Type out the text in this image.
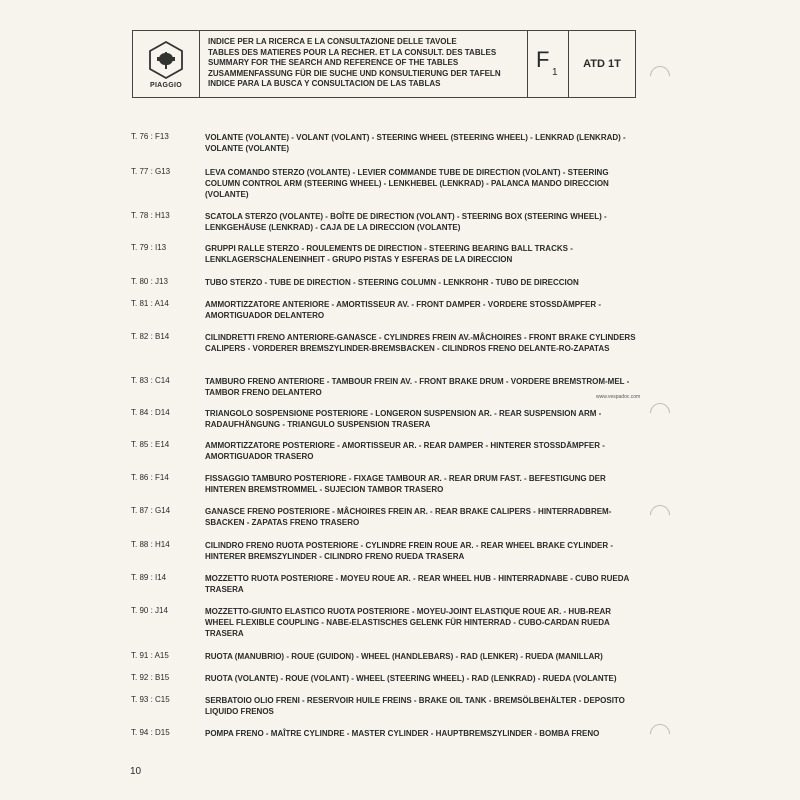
PIAGGIO
INDICE PER LA RICERCA E LA CONSULTAZIONE DELLE TAVOLE
TABLES DES MATIERES POUR LA RECHER. ET LA CONSULT. DES TABLES
SUMMARY FOR THE SEARCH AND REFERENCE OF THE TABLES
ZUSAMMENFASSUNG FÜR DIE SUCHE UND KONSULTIERUNG DER TAFELN
INDICE PARA LA BUSCA Y CONSULTACION DE LAS TABLAS
F
1
ATD 1T
T. 76 : F13	VOLANTE (VOLANTE) - VOLANT (VOLANT) - STEERING WHEEL (STEERING WHEEL) - LENKRAD (LENKRAD) - VOLANTE (VOLANTE)
T. 77 : G13	LEVA COMANDO STERZO (VOLANTE) - LEVIER COMMANDE TUBE DE DIRECTION (VOLANT) - STEERING COLUMN CONTROL ARM (STEERING WHEEL) - LENKHEBEL (LENKRAD) - PALANCA MANDO DIRECCION (VOLANTE)
T. 78 : H13	SCATOLA STERZO (VOLANTE) - BOÎTE DE DIRECTION (VOLANT) - STEERING BOX (STEERING WHEEL) - LENKGEHÄUSE (LENKRAD) - CAJA DE LA DIRECCION (VOLANTE)
T. 79 : I13	GRUPPI RALLE STERZO - ROULEMENTS DE DIRECTION - STEERING BEARING BALL TRACKS - LENKLAGERSCHALENEINHEIT - GRUPO PISTAS Y ESFERAS DE LA DIRECCION
T. 80 : J13	TUBO STERZO - TUBE DE DIRECTION - STEERING COLUMN - LENKROHR - TUBO DE DIRECCION
T. 81 : A14	AMMORTIZZATORE ANTERIORE - AMORTISSEUR AV. - FRONT DAMPER - VORDERE STOSSDÄMPFER - AMORTIGUADOR DELANTERO
T. 82 : B14	CILINDRETTI FRENO ANTERIORE-GANASCE - CYLINDRES FREIN AV.-MÂCHOIRES - FRONT BRAKE CYLINDERS CALIPERS - VORDERER BREMSZYLINDER-BREMSBACKEN - CILINDROS FRENO DELANTE-RO-ZAPATAS
T. 83 : C14	TAMBURO FRENO ANTERIORE - TAMBOUR FREIN AV. - FRONT BRAKE DRUM - VORDERE BREMSTROM-MEL - TAMBOR FRENO DELANTERO
T. 84 : D14	TRIANGOLO SOSPENSIONE POSTERIORE - LONGERON SUSPENSION AR. - REAR SUSPENSION ARM - RADAUFHÄNGUNG - TRIANGULO SUSPENSION TRASERA
T. 85 : E14	AMMORTIZZATORE POSTERIORE - AMORTISSEUR AR. - REAR DAMPER - HINTERER STOSSDÄMPFER - AMORTIGUADOR TRASERO
T. 86 : F14	FISSAGGIO TAMBURO POSTERIORE - FIXAGE TAMBOUR AR. - REAR DRUM FAST. - BEFESTIGUNG DER HINTEREN BREMSTROMMEL - SUJECION TAMBOR TRASERO
T. 87 : G14	GANASCE FRENO POSTERIORE - MÂCHOIRES FREIN AR. - REAR BRAKE CALIPERS - HINTERRADBREM-SBACKEN - ZAPATAS FRENO TRASERO
T. 88 : H14	CILINDRO FRENO RUOTA POSTERIORE - CYLINDRE FREIN ROUE AR. - REAR WHEEL BRAKE CYLINDER - HINTERER BREMSZYLINDER - CILINDRO FRENO RUEDA TRASERA
T. 89 : I14	MOZZETTO RUOTA POSTERIORE - MOYEU ROUE AR. - REAR WHEEL HUB - HINTERRADNABE - CUBO RUEDA TRASERA
T. 90 : J14	MOZZETTO-GIUNTO ELASTICO RUOTA POSTERIORE - MOYEU-JOINT ELASTIQUE ROUE AR. - HUB-REAR WHEEL FLEXIBLE COUPLING - NABE-ELASTISCHES GELENK FÜR HINTERRAD - CUBO-CARDAN RUEDA TRASERA
T. 91 : A15	RUOTA (MANUBRIO) - ROUE (GUIDON) - WHEEL (HANDLEBARS) - RAD (LENKER) - RUEDA (MANILLAR)
T. 92 : B15	RUOTA (VOLANTE) - ROUE (VOLANT) - WHEEL (STEERING WHEEL) - RAD (LENKRAD) - RUEDA (VOLANTE)
T. 93 : C15	SERBATOIO OLIO FRENI - RESERVOIR HUILE FREINS - BRAKE OIL TANK - BREMSÖLBEHÄLTER - DEPOSITO LIQUIDO FRENOS
T. 94 : D15	POMPA FRENO - MAÎTRE CYLINDRE - MASTER CYLINDER - HAUPTBREMSZYLINDER - BOMBA FRENO
www.vespadoc.com
10
